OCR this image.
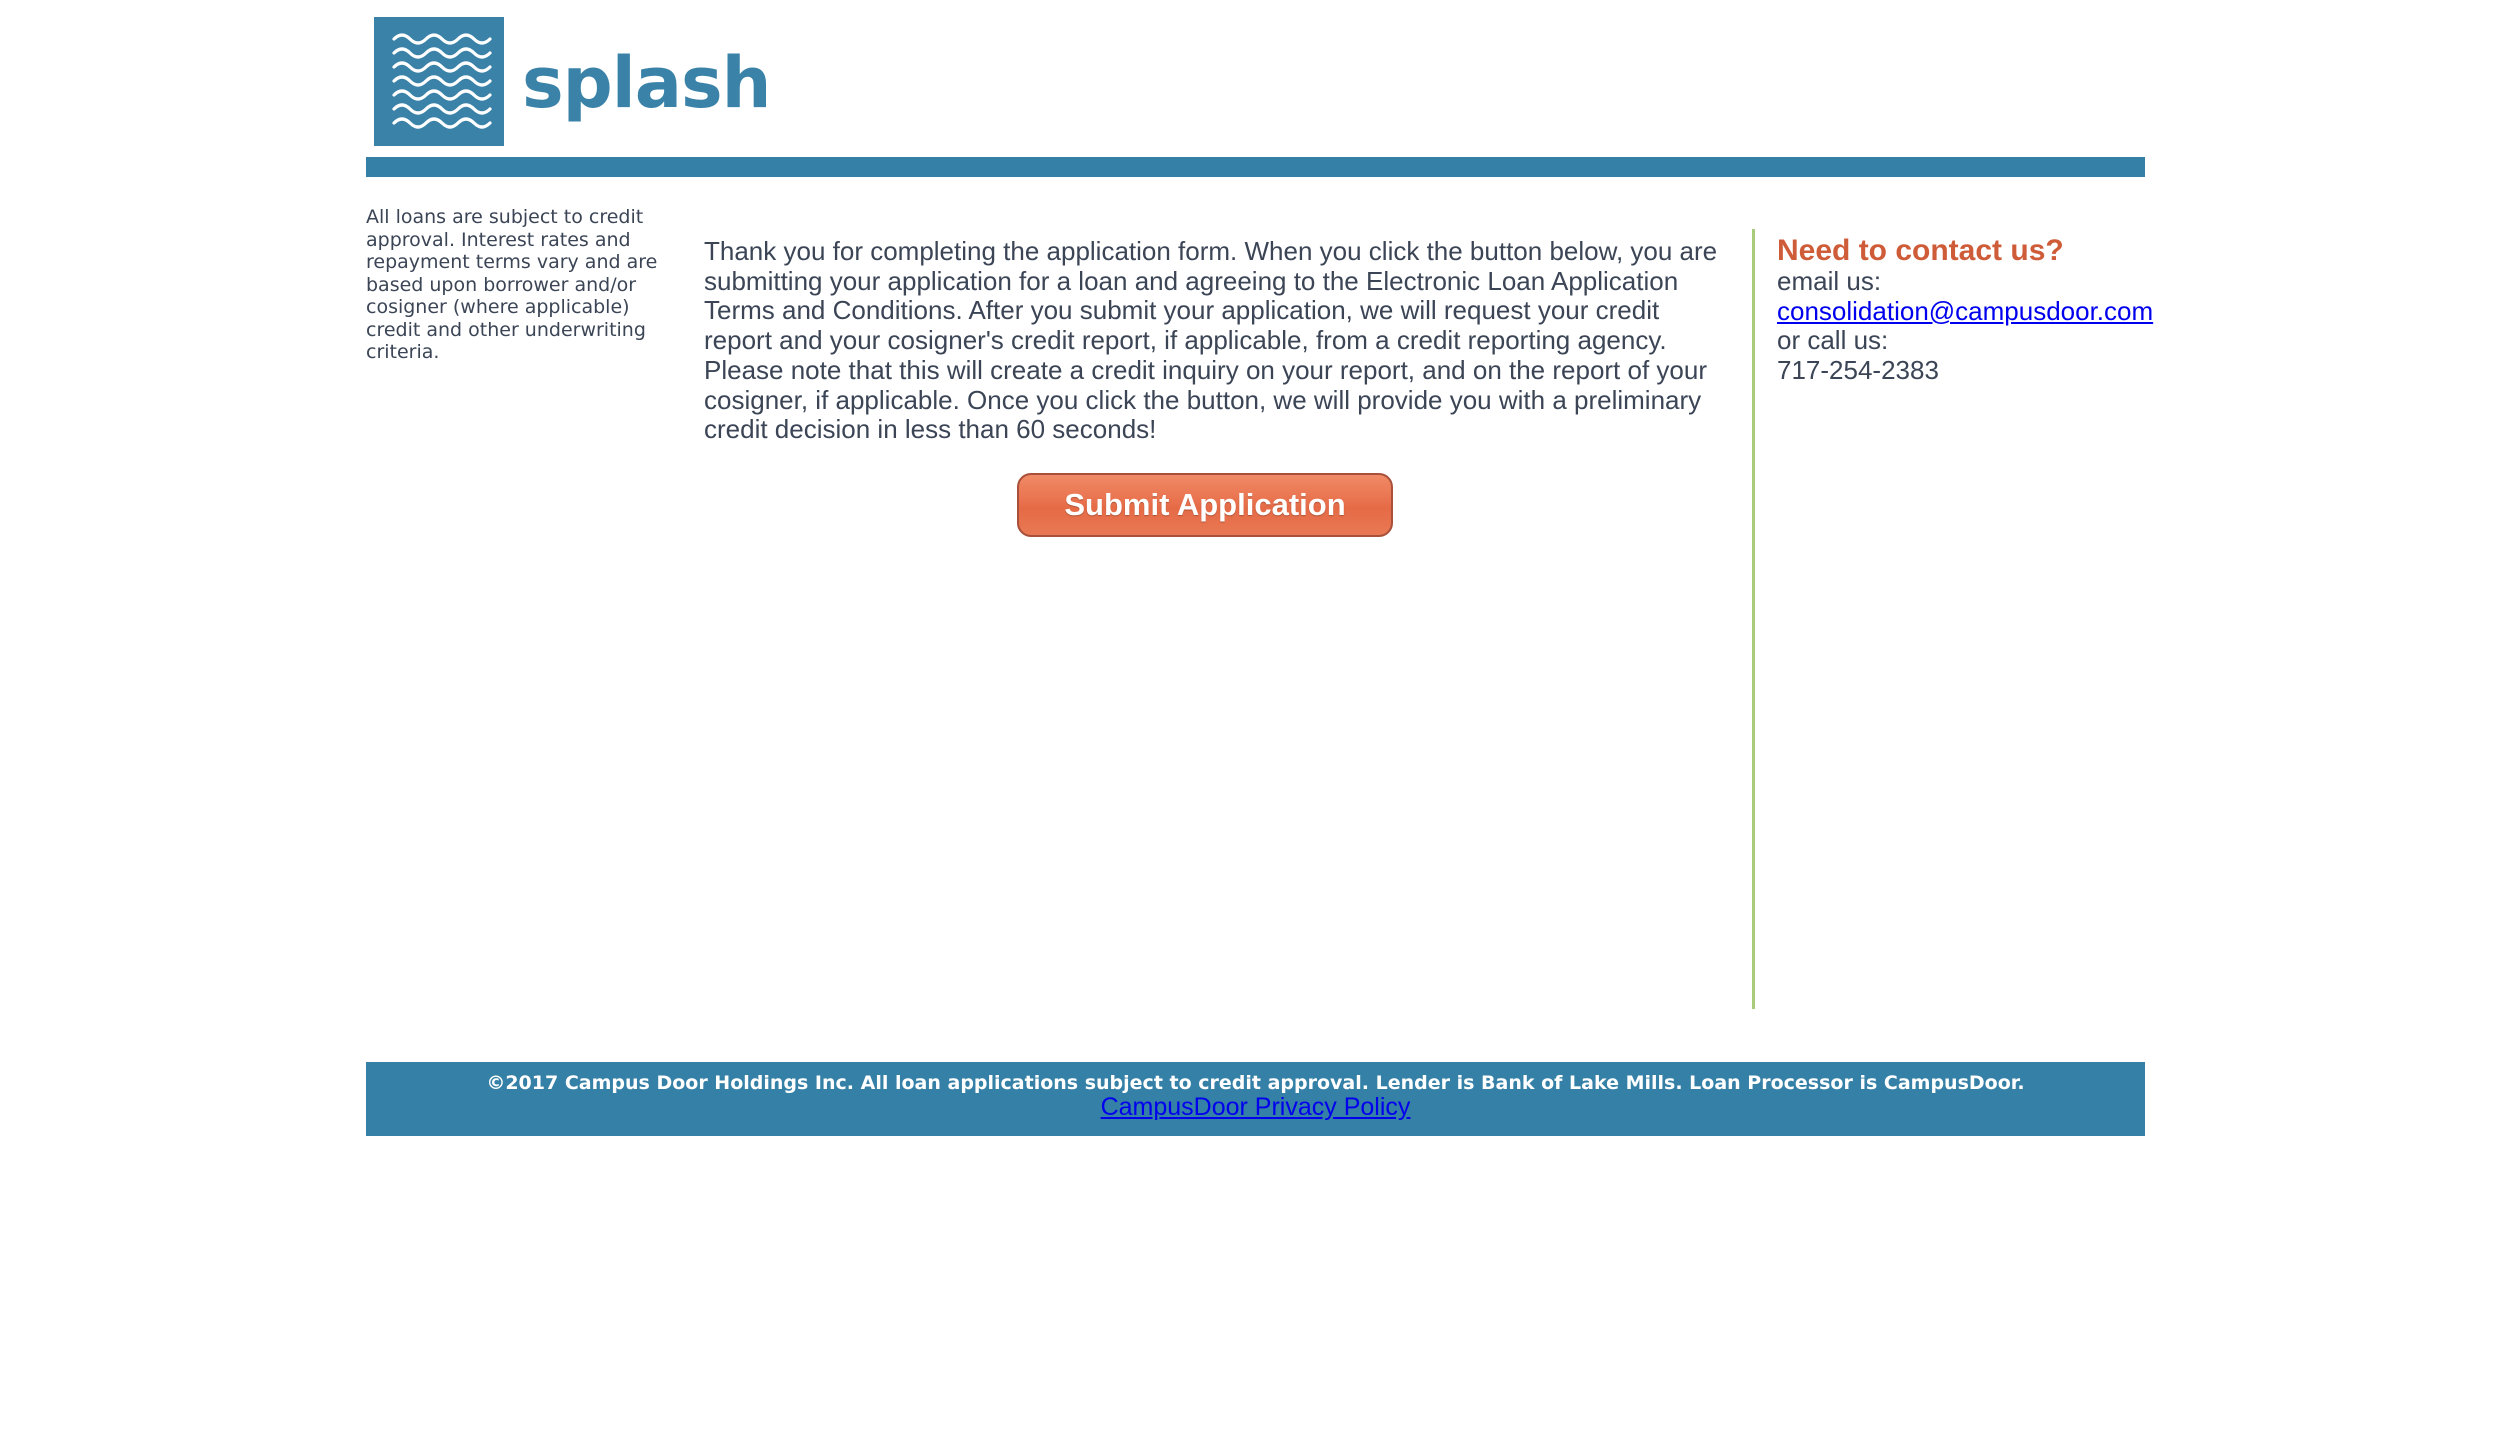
splash
All loans are subject to credit approval. Interest rates and repayment terms vary and are based upon borrower and/or cosigner (where applicable) credit and other underwriting criteria.
Thank you for completing the application form. When you click the button below, you are submitting your application for a loan and agreeing to the Electronic Loan Application Terms and Conditions. After you submit your application, we will request your credit report and your cosigner's credit report, if applicable, from a credit reporting agency. Please note that this will create a credit inquiry on your report, and on the report of your cosigner, if applicable. Once you click the button, we will provide you with a preliminary credit decision in less than 60 seconds!
Submit Application
Need to contact us?
email us:
consolidation@campusdoor.com
or call us:
717-254-2383
©2017 Campus Door Holdings Inc. All loan applications subject to credit approval. Lender is Bank of Lake Mills. Loan Processor is CampusDoor.
CampusDoor Privacy Policy
